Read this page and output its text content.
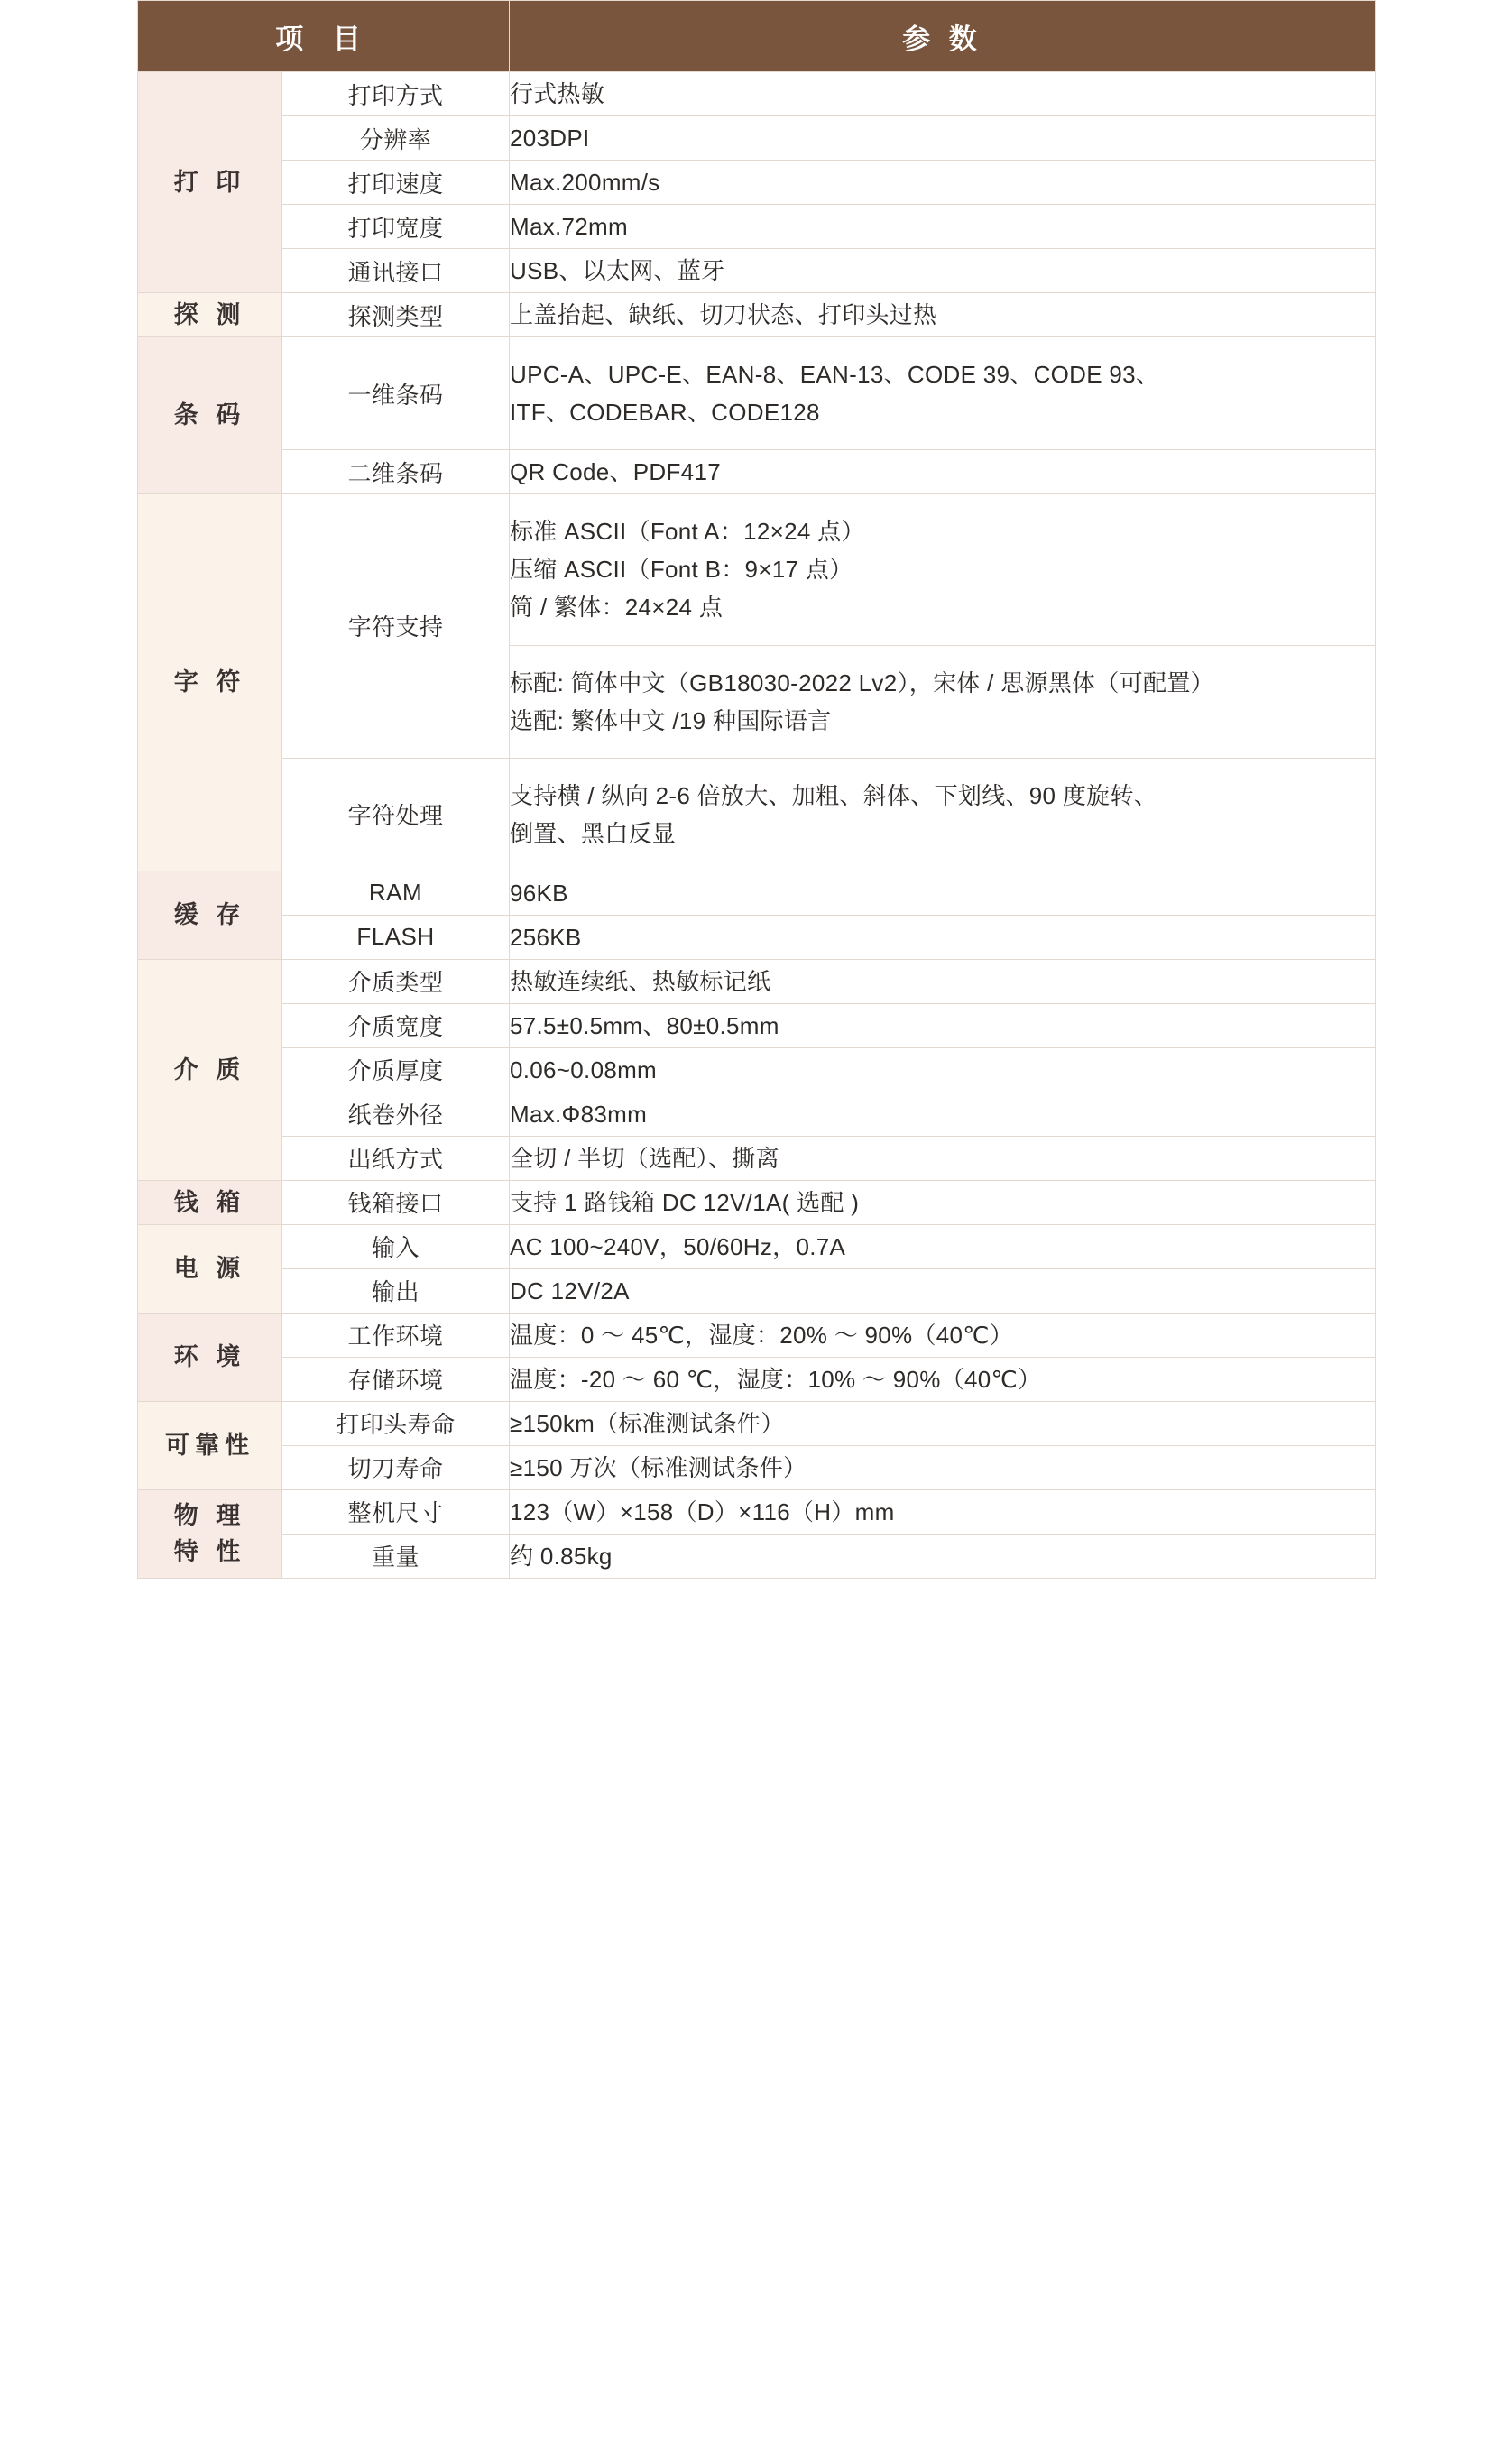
项 目		参 数

打 印	打印方式	行式热敏

	分辨率	203DPI

	打印速度	Max.200mm/s

	打印宽度	Max.72mm

	通讯接口	USB、以太网、蓝牙

探 测	探测类型	上盖抬起、缺纸、切刀状态、打印头过热

条 码	一维条码	UPC-A、UPC-E、EAN-8、EAN-13、CODE 39、CODE 93、
ITF、CODEBAR、CODE128

	二维条码	QR Code、PDF417

字 符	字符支持	标准 ASCII（Font A：12×24 点）
压缩 ASCII（Font B：9×17 点）
简 / 繁体：24×24 点

		标配: 简体中文（GB18030-2022 Lv2），宋体 / 思源黑体（可配置）
选配: 繁体中文 /19 种国际语言

	字符处理	支持横 / 纵向 2-6 倍放大、加粗、斜体、下划线、90 度旋转、
倒置、黑白反显

缓 存	RAM	96KB

	FLASH	256KB

介 质	介质类型	热敏连续纸、热敏标记纸

	介质宽度	57.5±0.5mm、80±0.5mm

	介质厚度	0.06~0.08mm

	纸卷外径	Max.Φ83mm

	出纸方式	全切 / 半切（选配）、撕离

钱 箱	钱箱接口	支持 1 路钱箱 DC 12V/1A( 选配 )

电 源	输入	AC 100~240V，50/60Hz，0.7A

	输出	DC 12V/2A

环 境	工作环境	温度：0 ～ 45℃，湿度：20% ～ 90%（40℃）

	存储环境	温度：-20 ～ 60 ℃，湿度：10% ～ 90%（40℃）

可靠性	打印头寿命	≥150km（标准测试条件）

	切刀寿命	≥150 万次（标准测试条件）

物 理
特 性	整机尺寸	123（W）×158（D）×116（H）mm

	重量	约 0.85kg
